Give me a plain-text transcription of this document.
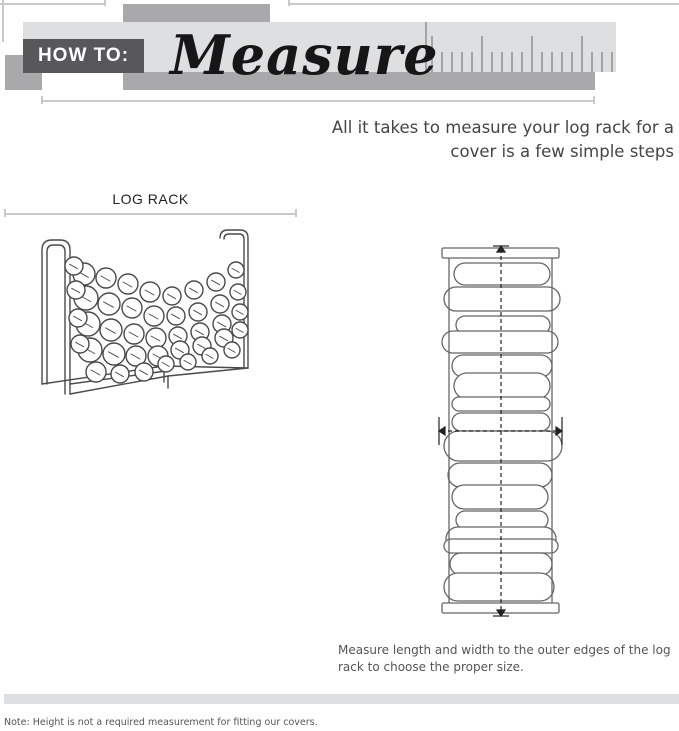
HOW TO: Measure
All it takes to measure your log rack for a
cover is a few simple steps
LOG RACK
Measure length and width to the outer edges of the log
rack to choose the proper size.
Note: Height is not a required measurement for fitting our covers.
